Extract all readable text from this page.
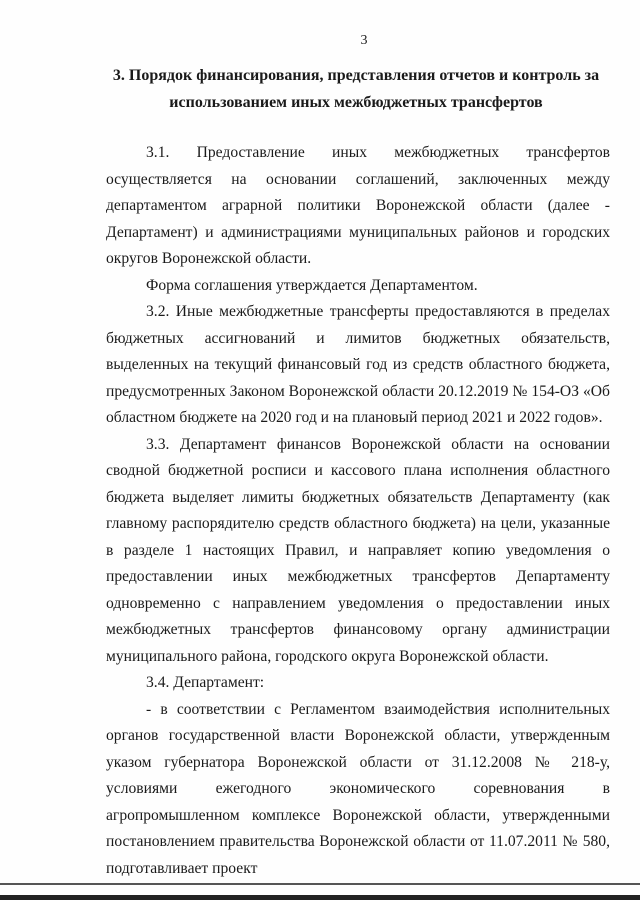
3
3. Порядок финансирования, представления отчетов и контроль за использованием иных межбюджетных трансфертов

3.1. Предоставление иных межбюджетных трансфертов осуществляется на основании соглашений, заключенных между департаментом аграрной политики Воронежской области (далее - Департамент) и администрациями муниципальных районов и городских округов Воронежской области.

Форма соглашения утверждается Департаментом.

3.2. Иные межбюджетные трансферты предоставляются в пределах бюджетных ассигнований и лимитов бюджетных обязательств, выделенных на текущий финансовый год из средств областного бюджета, предусмотренных Законом Воронежской области 20.12.2019 № 154-ОЗ «Об областном бюджете на 2020 год и на плановый период 2021 и 2022 годов».

3.3. Департамент финансов Воронежской области на основании сводной бюджетной росписи и кассового плана исполнения областного бюджета выделяет лимиты бюджетных обязательств Департаменту (как главному распорядителю средств областного бюджета) на цели, указанные в разделе 1 настоящих Правил, и направляет копию уведомления о предоставлении иных межбюджетных трансфертов Департаменту одновременно с направлением уведомления о предоставлении иных межбюджетных трансфертов финансовому органу администрации муниципального района, городского округа Воронежской области.

3.4. Департамент:

- в соответствии с Регламентом взаимодействия исполнительных органов государственной власти Воронежской области, утвержденным указом губернатора Воронежской области от 31.12.2008 № 218-у, условиями ежегодного экономического соревнования в агропромышленном комплексе Воронежской области, утвержденными постановлением правительства Воронежской области от 11.07.2011 № 580, подготавливает проект
